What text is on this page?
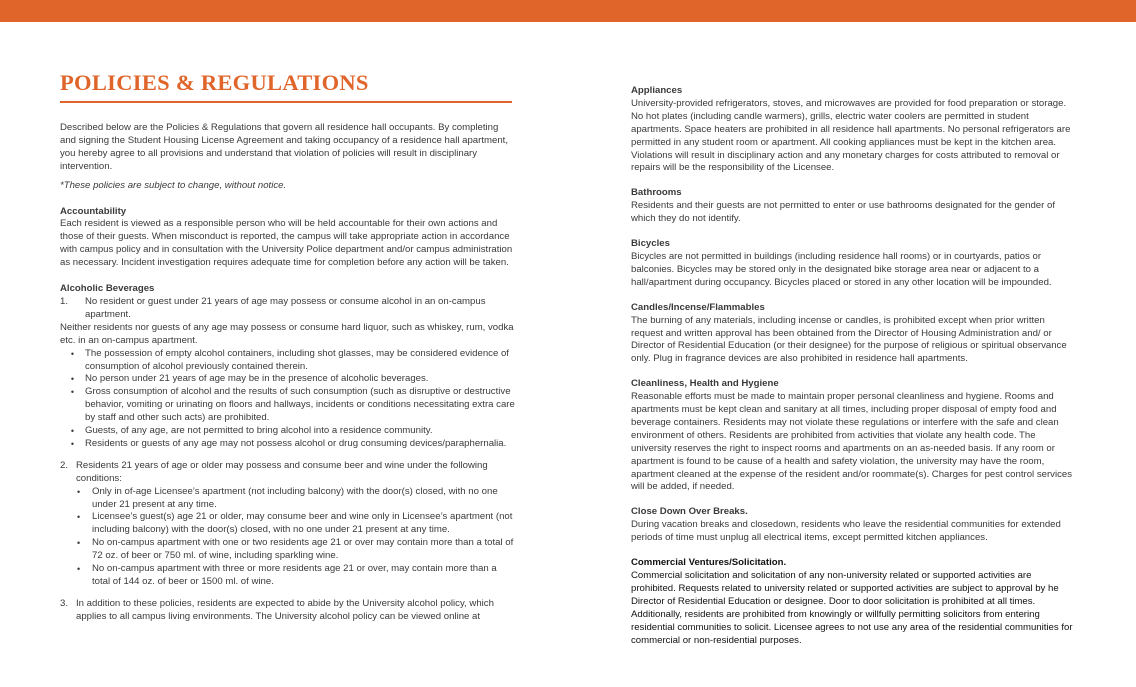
POLICIES & REGULATIONS

Described below are the Policies & Regulations that govern all residence hall occupants. By completing and signing the Student Housing License Agreement and taking occupancy of a residence hall apartment, you hereby agree to all provisions and understand that violation of policies will result in disciplinary intervention.

*These policies are subject to change, without notice.

Accountability

Each resident is viewed as a responsible person who will be held accountable for their own actions and those of their guests. When misconduct is reported, the campus will take appropriate action in accordance with campus policy and in consultation with the University Police department and/or campus administration as necessary. Incident investigation requires adequate time for completion before any action will be taken.

Alcoholic Beverages

1.	No resident or guest under 21 years of age may possess or consume alcohol in an on-campus apartment.

Neither residents nor guests of any age may possess or consume hard liquor, such as whiskey, rum, vodka etc. in an on-campus apartment.

•	The possession of empty alcohol containers, including shot glasses, may be considered evidence of consumption of alcohol previously contained therein.
•	No person under 21 years of age may be in the presence of alcoholic beverages.
•	Gross consumption of alcohol and the results of such consumption (such as disruptive or destructive behavior, vomiting or urinating on floors and hallways, incidents or conditions necessitating extra care by staff and other such acts) are prohibited.
•	Guests, of any age, are not permitted to bring alcohol into a residence community.
•	Residents or guests of any age may not possess alcohol or drug consuming devices/paraphernalia.
2. Residents 21 years of age or older may possess and consume beer and wine under the following conditions:
•	Only in of-age Licensee’s apartment (not including balcony) with the door(s) closed, with no one under 21 present at any time.
•	Licensee’s guest(s) age 21 or older, may consume beer and wine only in Licensee’s apartment (not including balcony) with the door(s) closed, with no one under 21 present at any time.
•	No on-campus apartment with one or two residents age 21 or over may contain more than a total of 72 oz. of beer or 750 ml. of wine, including sparkling wine.
•	No on-campus apartment with three or more residents age 21 or over, may contain more than a total of 144 oz. of beer or 1500 ml. of wine.
3. In addition to these policies, residents are expected to abide by the University alcohol policy, which applies to all campus living environments. The University alcohol policy can be viewed online at

Appliances

University-provided refrigerators, stoves, and microwaves are provided for food preparation or storage. No hot plates (including candle warmers), grills, electric water coolers are permitted in student apartments. Space heaters are prohibited in all residence hall apartments. No personal refrigerators are permitted in any student room or apartment. All cooking appliances must be kept in the kitchen area. Violations will result in disciplinary action and any monetary charges for costs attributed to removal or repairs will be the responsibility of the Licensee.

Bathrooms

Residents and their guests are not permitted to enter or use bathrooms designated for the gender of which they do not identify.

Bicycles

Bicycles are not permitted in buildings (including residence hall rooms) or in courtyards, patios or balconies. Bicycles may be stored only in the designated bike storage area near or adjacent to a hall/apartment during occupancy. Bicycles placed or stored in any other location will be impounded.

Candles/Incense/Flammables

The burning of any materials, including incense or candles, is prohibited except when prior written request and written approval has been obtained from the Director of Housing Administration and/ or Director of Residential Education (or their designee) for the purpose of religious or spiritual observance only. Plug in fragrance devices are also prohibited in residence hall apartments.

Cleanliness, Health and Hygiene

Reasonable efforts must be made to maintain proper personal cleanliness and hygiene. Rooms and apartments must be kept clean and sanitary at all times, including proper disposal of empty food and beverage containers. Residents may not violate these regulations or interfere with the safe and clean environment of others. Residents are prohibited from activities that violate any health code. The university reserves the right to inspect rooms and apartments on an as-needed basis. If any room or apartment is found to be cause of a health and safety violation, the university may have the room, apartment cleaned at the expense of the resident and/or roommate(s). Charges for pest control services will be added, if needed.

Close Down Over Breaks.

During vacation breaks and closedown, residents who leave the residential communities for extended periods of time must unplug all electrical items, except permitted kitchen appliances.

Commercial Ventures/Solicitation.

Commercial solicitation and solicitation of any non-university related or supported activities are prohibited. Requests related to university related or supported activities are subject to approval by he Director of Residential Education or designee. Door to door solicitation is prohibited at all times. Additionally, residents are prohibited from knowingly or willfully permitting solicitors from entering residential communities to solicit. Licensee agrees to not use any area of the residential communities for commercial or non-residential purposes.
